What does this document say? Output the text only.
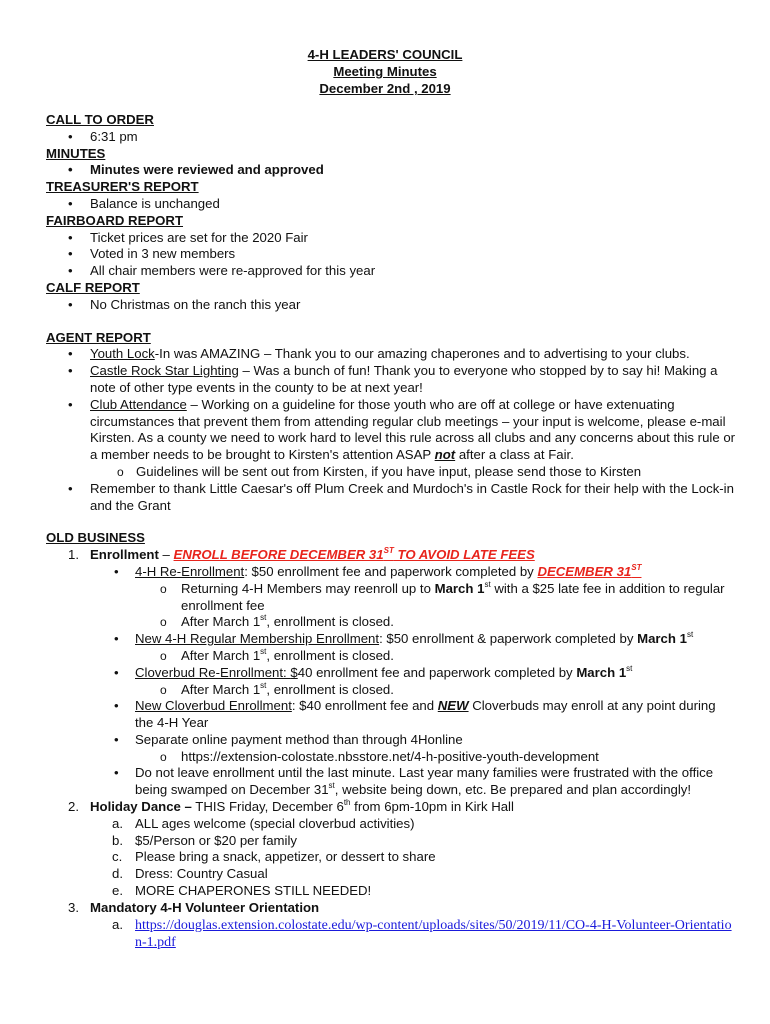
4-H LEADERS' COUNCIL
Meeting Minutes
December 2nd , 2019
CALL TO ORDER
• 6:31 pm
MINUTES
• Minutes were reviewed and approved
TREASURER'S REPORT
• Balance is unchanged
FAIRBOARD REPORT
• Ticket prices are set for the 2020 Fair
• Voted in 3 new members
• All chair members were re-approved for this year
CALF REPORT
• No Christmas on the ranch this year
AGENT REPORT
• Youth Lock-In was AMAZING – Thank you to our amazing chaperones and to advertising to your clubs.
• Castle Rock Star Lighting – Was a bunch of fun! Thank you to everyone who stopped by to say hi! Making a note of other type events in the county to be at next year!
• Club Attendance – Working on a guideline for those youth who are off at college or have extenuating circumstances that prevent them from attending regular club meetings – your input is welcome, please e-mail Kirsten. As a county we need to work hard to level this rule across all clubs and any concerns about this rule or a member needs to be brought to Kirsten's attention ASAP not after a class at Fair.
o Guidelines will be sent out from Kirsten, if you have input, please send those to Kirsten
• Remember to thank Little Caesar's off Plum Creek and Murdoch's in Castle Rock for their help with the Lock-in and the Grant
OLD BUSINESS
1. Enrollment – ENROLL BEFORE DECEMBER 31ST TO AVOID LATE FEES
• 4-H Re-Enrollment: $50 enrollment fee and paperwork completed by DECEMBER 31ST
o Returning 4-H Members may reenroll up to March 1st with a $25 late fee in addition to regular enrollment fee
o After March 1st, enrollment is closed.
• New 4-H Regular Membership Enrollment: $50 enrollment & paperwork completed by March 1st
o After March 1st, enrollment is closed.
• Cloverbud Re-Enrollment: $40 enrollment fee and paperwork completed by March 1st
o After March 1st, enrollment is closed.
• New Cloverbud Enrollment: $40 enrollment fee and NEW Cloverbuds may enroll at any point during the 4-H Year
• Separate online payment method than through 4Honline
o https://extension-colostate.nbsstore.net/4-h-positive-youth-development
• Do not leave enrollment until the last minute. Last year many families were frustrated with the office being swamped on December 31st, website being down, etc. Be prepared and plan accordingly!
2. Holiday Dance – THIS Friday, December 6th from 6pm-10pm in Kirk Hall
a. ALL ages welcome (special cloverbud activities)
b. $5/Person or $20 per family
c. Please bring a snack, appetizer, or dessert to share
d. Dress: Country Casual
e. MORE CHAPERONES STILL NEEDED!
3. Mandatory 4-H Volunteer Orientation
a. https://douglas.extension.colostate.edu/wp-content/uploads/sites/50/2019/11/CO-4-H-Volunteer-Orientation-1.pdf
